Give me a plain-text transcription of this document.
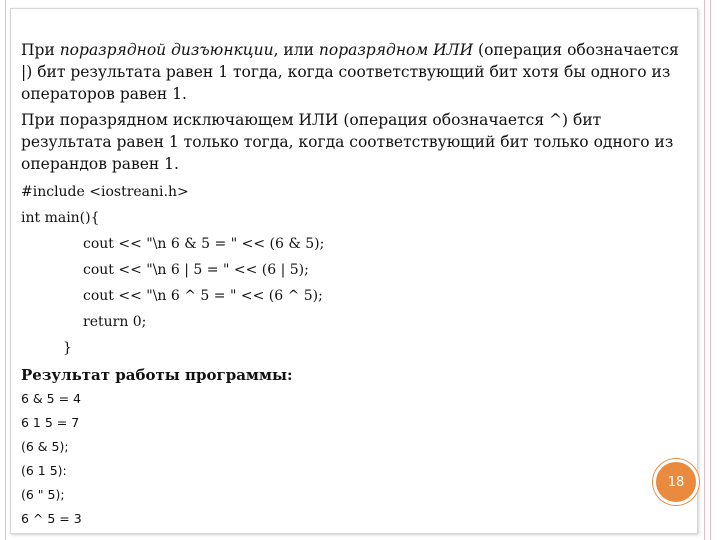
При поразрядной дизъюнкции, или поразрядном ИЛИ (операция обозначается |) бит результата равен 1 тогда, когда соответствующий бит хотя бы одного из операторов равен 1.

При поразрядном исключающем ИЛИ (операция обозначается ^) бит результата равен 1 только тогда, когда соответствующий бит только одного из операндов равен 1.

#include <iostreani.h>
int main(){
cout << "\n 6 & 5 = " << (6 & 5);
cout << "\n 6 | 5 = " << (6 | 5);
cout << "\n 6 ^ 5 = " << (6 ^ 5);
return 0;
}
Результат работы программы:
6 & 5 = 4
6 1 5 = 7
(6 & 5);
(6 1 5):
(6 " 5);
6 ^ 5 = 3
18
